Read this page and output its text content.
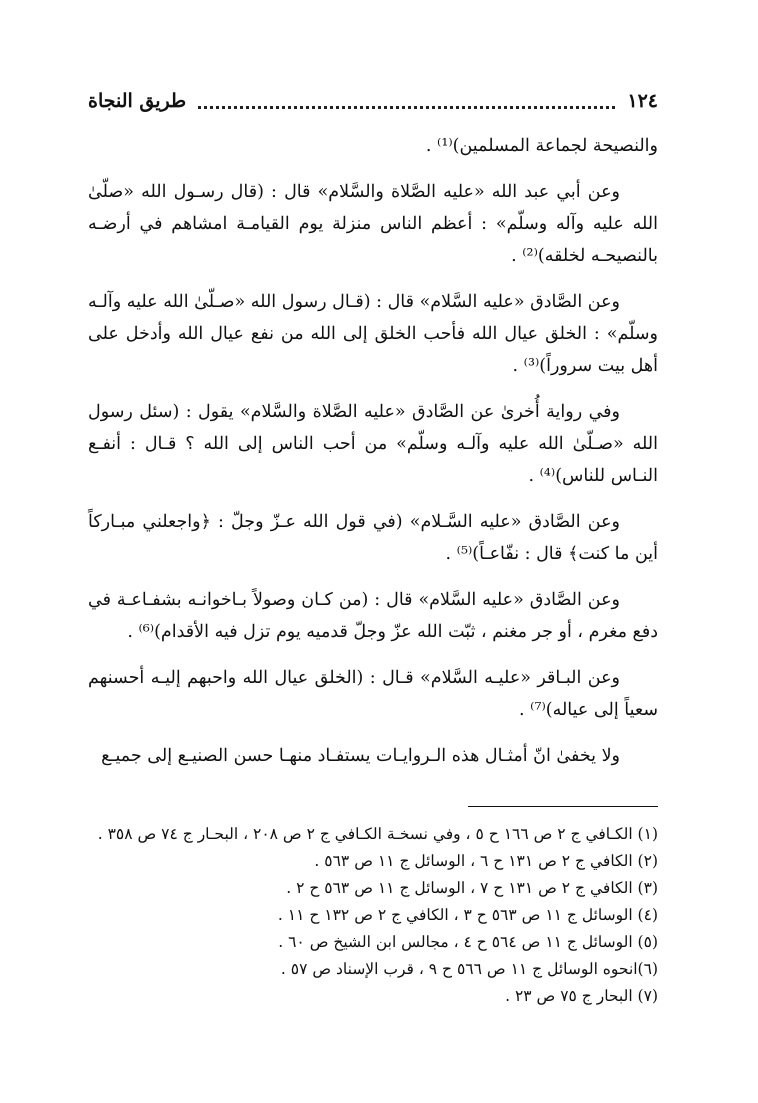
١٢٤
طريق النجاة

والنصيحة لجماعة المسلمين)⁽¹⁾ .

وعن أبي عبد الله «عليه الصَّلاة والسَّلام» قال : (قال رسـول الله «صلّىٰ الله عليه وآله وسلّم» : أعظم الناس منزلة يوم القيامـة امشاهم في أرضـه بالنصيحـه لخلقه)⁽²⁾ .

وعن الصَّادق «عليه السَّلام» قال : (قـال رسول الله «صـلّىٰ الله عليه وآلـه وسلّم» : الخلق عيال الله فأحب الخلق إلى الله من نفع عيال الله وأدخل على أهل بيت سروراً)⁽³⁾ .

وفي رواية أُخرىٰ عن الصَّادق «عليه الصَّلاة والسَّلام» يقول : (سئل رسول الله «صـلّىٰ الله عليه وآلـه وسلّم» من أحب الناس إلى الله ؟ قـال : أنفـع النـاس للناس)⁽⁴⁾ .

وعن الصَّادق «عليه السَّـلام» (في قول الله عـزّ وجلّ : ﴿واجعلني مبـاركاً أين ما كنت﴾ قال : نفّاعـاً)⁽⁵⁾ .

وعن الصَّادق «عليه السَّلام» قال : (من كـان وصولاً بـاخوانـه بشفـاعـة في دفع مغرم ، أو جر مغنم ، ثبّت الله عزّ وجلّ قدميه يوم تزل فيه الأقدام)⁽⁶⁾ .

وعن البـاقر «عليـه السَّلام» قـال : (الخلق عيال الله واحبهم إليـه أحسنهم سعياً إلى عياله)⁽⁷⁾ .

ولا يخفىٰ انّ أمثـال هذه الـروايـات يستفـاد منهـا حسن الصنيـع إلى جميـع

(١) الكـافي ج ٢ ص ١٦٦ ح ٥ ، وفي نسخـة الكـافي ج ٢ ص ٢٠٨ ، البحـار ج ٧٤ ص ٣٥٨ .
(٢) الكافي ج ٢ ص ١٣١ ح ٦ ، الوسائل ج ١١ ص ٥٦٣ .
(٣) الكافي ج ٢ ص ١٣١ ح ٧ ، الوسائل ج ١١ ص ٥٦٣ ح ٢ .
(٤) الوسائل ج ١١ ص ٥٦٣ ح ٣ ، الكافي ج ٢ ص ١٣٢ ح ١١ .
(٥) الوسائل ج ١١ ص ٥٦٤ ح ٤ ، مجالس ابن الشيخ ص ٦٠ .
(٦)انحوه الوسائل ج ١١ ص ٥٦٦ ح ٩ ، قرب الإسناد ص ٥٧ .
(٧) البحار ج ٧٥ ص ٢٣ .
